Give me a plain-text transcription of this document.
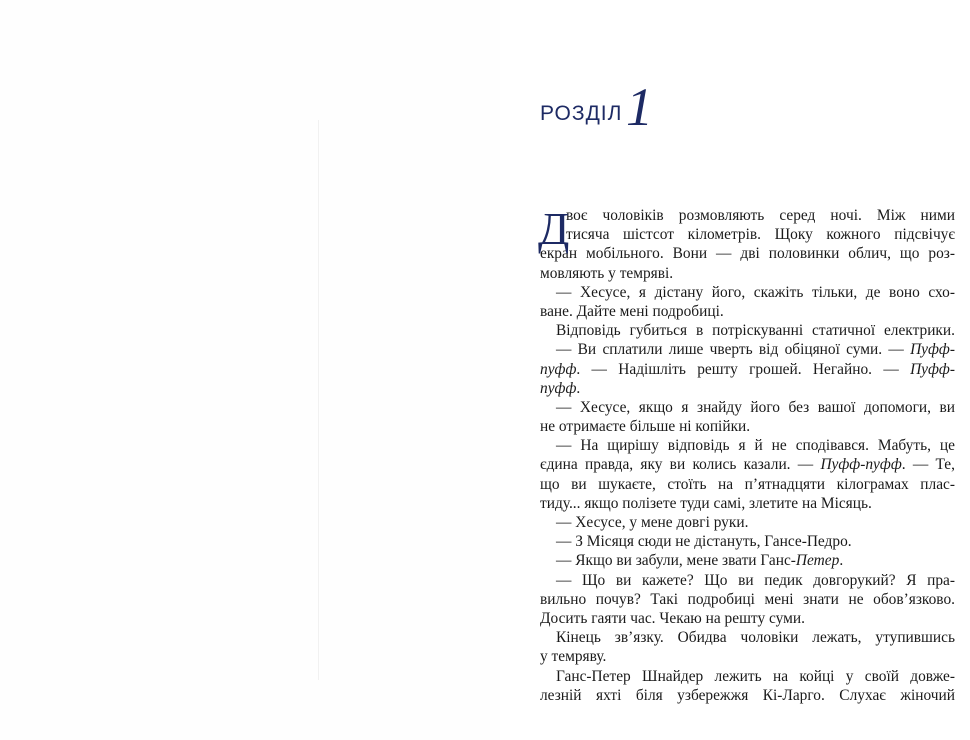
РОЗДІЛ 1
Д
воє чоловіків розмовляють серед ночі. Між ними
тисяча шістсот кілометрів. Щоку кожного підсвічує
екран мобільного. Вони — дві половинки облич, що роз-
мовляють у темряві.
— Хесусе, я дістану його, скажіть тільки, де воно схо-
ване. Дайте мені подробиці.
Відповідь губиться в потріскуванні статичної електрики.
— Ви сплатили лише чверть від обіцяної суми. — Пуфф-
пуфф. — Надішліть решту грошей. Негайно. — Пуфф-
пуфф.
— Хесусе, якщо я знайду його без вашої допомоги, ви
не отримаєте більше ні копійки.
— На щирішу відповідь я й не сподівався. Мабуть, це
єдина правда, яку ви колись казали. — Пуфф-пуфф. — Те,
що ви шукаєте, стоїть на п’ятнадцяти кілограмах плас-
тиду... якщо полізете туди самі, злетите на Місяць.
— Хесусе, у мене довгі руки.
— З Місяця сюди не дістануть, Гансе-Педро.
— Якщо ви забули, мене звати Ганс-Петер.
— Що ви кажете? Що ви педик довгорукий? Я пра-
вильно почув? Такі подробиці мені знати не обов’язково.
Досить гаяти час. Чекаю на решту суми.
Кінець зв’язку. Обидва чоловіки лежать, утупившись
у темряву.
Ганс-Петер Шнайдер лежить на койці у своїй довже-
лезній яхті біля узбережжя Кі-Ларго. Слухає жіночий
